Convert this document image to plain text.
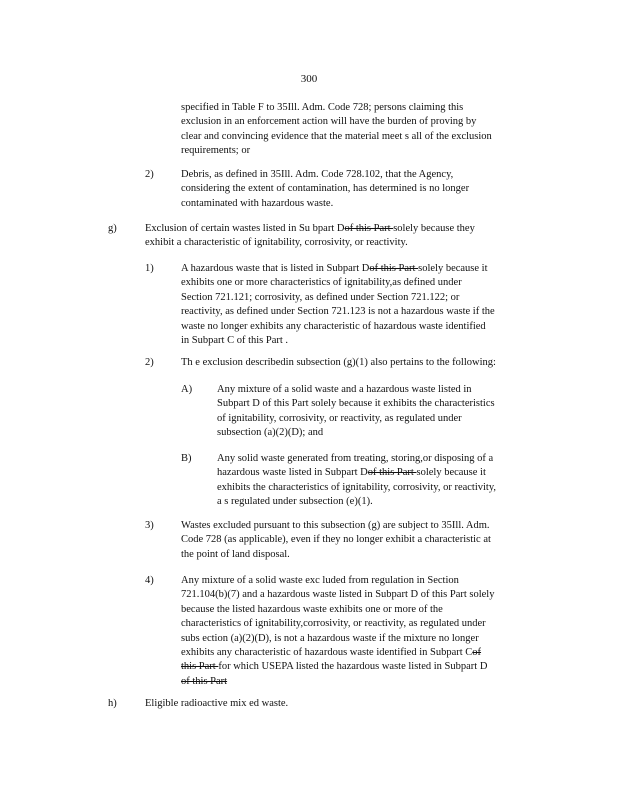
300
specified in Table F to 35Ill. Adm. Code 728; persons claiming this
exclusion in an enforcement action will have the burden of proving by
clear and convincing evidence that the material meet s all of the exclusion
requirements; or
2)	Debris, as defined in 35Ill. Adm. Code 728.102, that the Agency,
considering the extent of contamination, has determined is no longer
contaminated with hazardous waste.
g)	Exclusion of certain wastes listed in Su bpart Dof this Part solely because they
exhibit a characteristic of ignitability, corrosivity, or reactivity.
1)	A hazardous waste that is listed in Subpart Dof this Part solely because it
exhibits one or more characteristics of ignitability,as defined under
Section 721.121; corrosivity, as defined under Section 721.122; or
reactivity, as defined under Section 721.123 is not a hazardous waste if the
waste no longer exhibits any characteristic of hazardous waste identified
in Subpart C of this Part .
2)	Th e exclusion describedin subsection (g)(1) also pertains to the following:
A) Any mixture of a solid waste and a hazardous waste listed in
Subpart D of this Part solely because it exhibits the characteristics
of ignitability, corrosivity, or reactivity, as regulated under
subsection (a)(2)(D); and
B) Any solid waste generated from treating, storing,or disposing of a
hazardous waste listed in Subpart Dof this Part solely because it
exhibits the characteristics of ignitability, corrosivity, or reactivity,
a s regulated under subsection (e)(1).
3)	Wastes excluded pursuant to this subsection (g) are subject to 35Ill. Adm.
Code 728 (as applicable), even if they no longer exhibit a characteristic at
the point of land disposal.
4)	Any mixture of a solid waste exc luded from regulation in Section
721.104(b)(7) and a hazardous waste listed in Subpart D of this Part solely
because the listed hazardous waste exhibits one or more of the
characteristics of ignitability,corrosivity, or reactivity, as regulated under
subs ection (a)(2)(D), is not a hazardous waste if the mixture no longer
exhibits any characteristic of hazardous waste identified in Subpart Cof
this Part for which USEPA listed the hazardous waste listed in Subpart D
of this Part
h)	Eligible radioactive mix ed waste.
